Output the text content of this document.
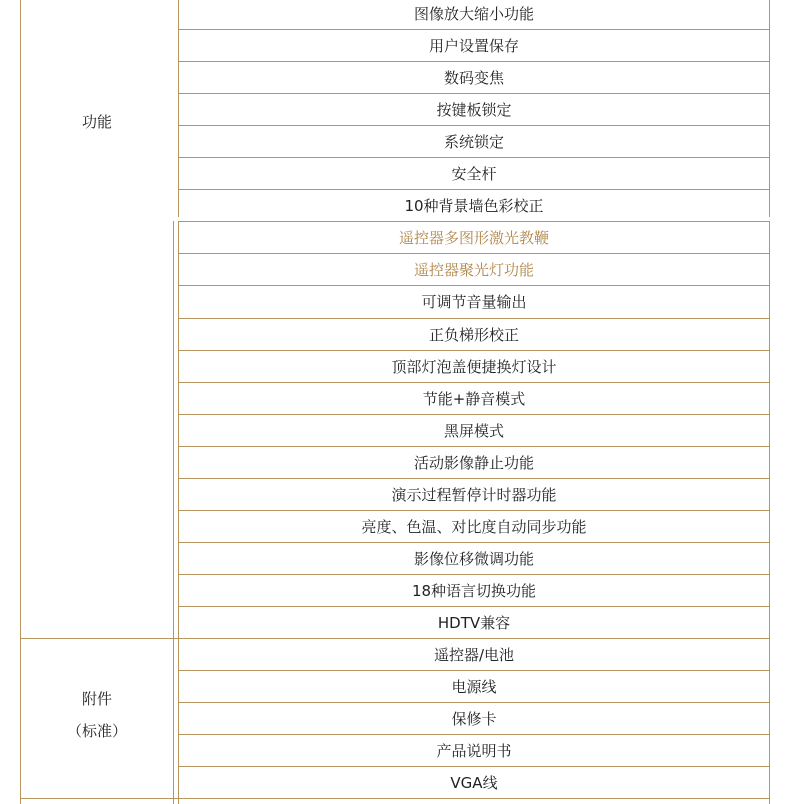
功能
附件
（标准）
图像放大缩小功能
用户设置保存
数码变焦
按键板锁定
系统锁定
安全杆
10种背景墙色彩校正
遥控器多图形激光教鞭
遥控器聚光灯功能
可调节音量输出
正负梯形校正
顶部灯泡盖便捷换灯设计
节能+静音模式
黑屏模式
活动影像静止功能
演示过程暂停计时器功能
亮度、色温、对比度自动同步功能
影像位移微调功能
18种语言切换功能
HDTV兼容
遥控器/电池
电源线
保修卡
产品说明书
VGA线
